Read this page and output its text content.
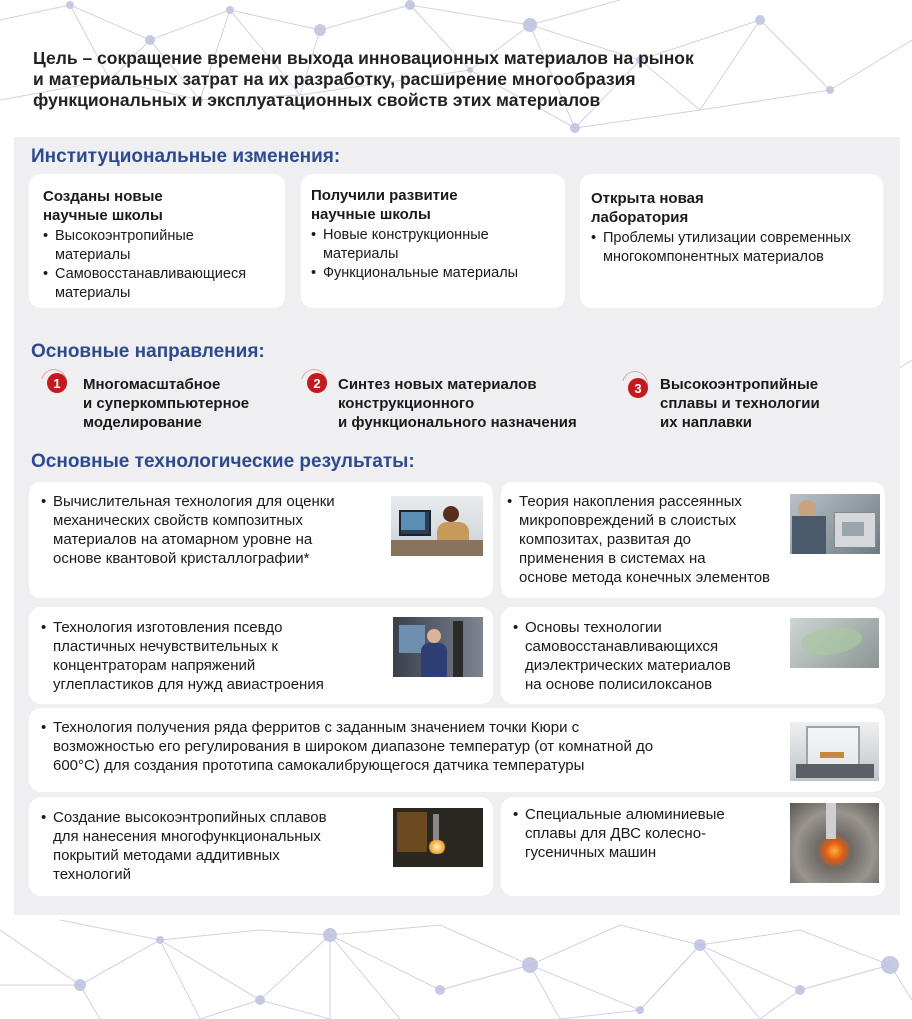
Цель – сокращение времени выхода инновационных материалов на рынок
и материальных затрат на их разработку, расширение многообразия
функциональных и эксплуатационных свойств этих материалов
Институциональные изменения:
Созданы новые
научные школы
• Высокоэнтропийные материалы
• Самовосстанавливающиеся материалы
Получили развитие
научные школы
• Новые конструкционные материалы
• Функциональные материалы
Открыта новая
лаборатория
• Проблемы утилизации современных многокомпонентных материалов
Основные направления:
1	Многомасштабное
и суперкомпьютерное
моделирование

2	Синтез новых материалов
конструкционного
и функционального назначения

3	Высокоэнтропийные
сплавы и технологии
их наплавки

Основные технологические результаты:

• Вычислительная технология для оценки
механических свойств композитных
материалов на атомарном уровне на
основе квантовой кристаллографии*

• Теория накопления рассеянных
микроповреждений в слоистых
композитах, развитая до
применения в системах на
основе метода конечных элементов

• Технология изготовления псевдо
пластичных нечувствительных к
концентраторам напряжений
углепластиков для нужд авиастроения

• Основы технологии
самовосстанавливающихся
диэлектрических материалов
на основе полисилоксанов

• Технология получения ряда ферритов с заданным значением точки Кюри с
возможностью его регулирования в широком диапазоне температур (от комнатной до
600°С) для создания прототипа самокалибрующегося датчика температуры

• Создание высокоэнтропийных сплавов
для нанесения многофункциональных
покрытий методами аддитивных
технологий

• Специальные алюминиевые
сплавы для ДВС колесно-
гусеничных машин
